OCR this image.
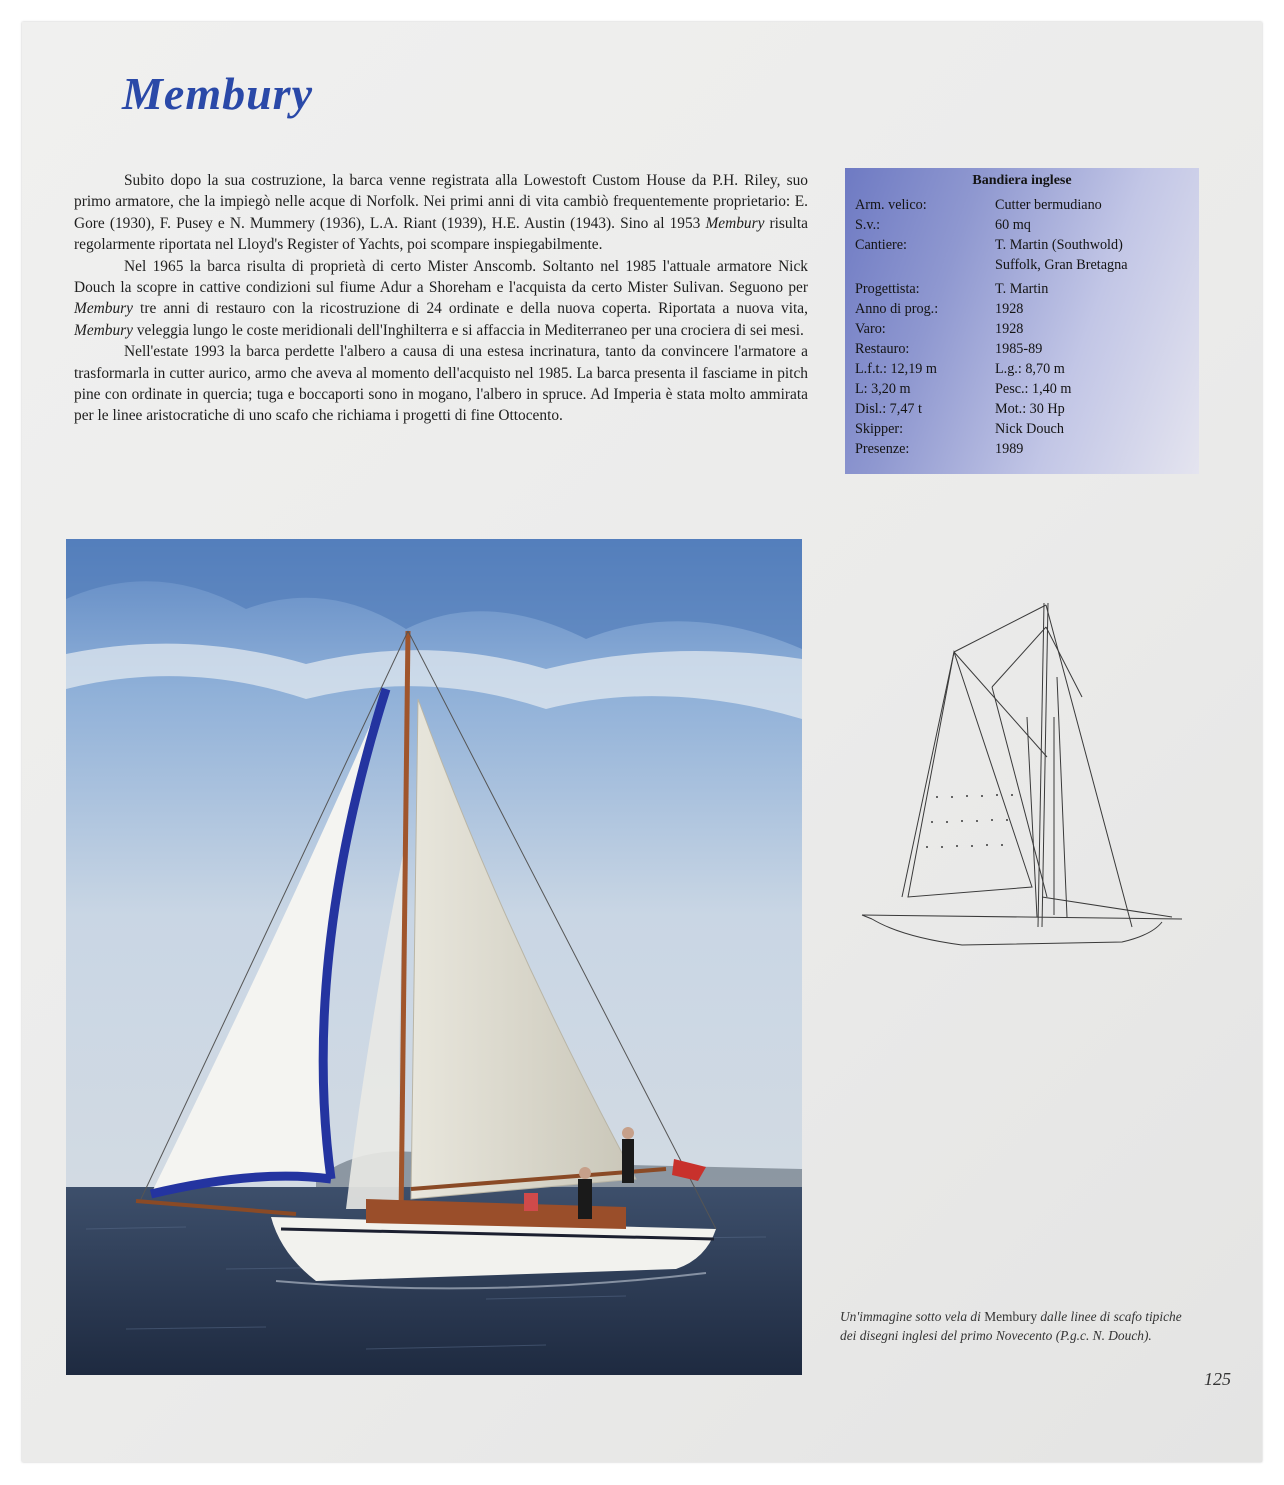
Membury

Subito dopo la sua costruzione, la barca venne registrata alla Lowestoft Custom House da P.H. Riley, suo primo armatore, che la impiegò nelle acque di Norfolk. Nei primi anni di vita cambiò frequentemente proprietario: E. Gore (1930), F. Pusey e N. Mummery (1936), L.A. Riant (1939), H.E. Austin (1943). Sino al 1953 Membury risulta regolarmente riportata nel Lloyd's Register of Yachts, poi scompare inspiegabilmente.

Nel 1965 la barca risulta di proprietà di certo Mister Anscomb. Soltanto nel 1985 l'attuale armatore Nick Douch la scopre in cattive condizioni sul fiume Adur a Shoreham e l'acquista da certo Mister Sulivan. Seguono per Membury tre anni di restauro con la ricostruzione di 24 ordinate e della nuova coperta. Riportata a nuova vita, Membury veleggia lungo le coste meridionali dell'Inghilterra e si affaccia in Mediterraneo per una crociera di sei mesi.

Nell'estate 1993 la barca perdette l'albero a causa di una estesa incrinatura, tanto da convincere l'armatore a trasformarla in cutter aurico, armo che aveva al momento dell'acquisto nel 1985. La barca presenta il fasciame in pitch pine con ordinate in quercia; tuga e boccaporti sono in mogano, l'albero in spruce. Ad Imperia è stata molto ammirata per le linee aristocratiche di uno scafo che richiama i progetti di fine Ottocento.

Bandiera inglese
Arm. velico:	Cutter bermudiano
S.v.:	60 mq
Cantiere:	T. Martin (Southwold)
Suffolk, Gran Bretagna
Progettista:	T. Martin
Anno di prog.:	1928
Varo:	1928
Restauro:	1985-89
L.f.t.: 12,19 m	L.g.: 8,70 m
L: 3,20 m	Pesc.: 1,40 m
Disl.: 7,47 t	Mot.: 30 Hp
Skipper:	Nick Douch
Presenze:	1989
Un'immagine sotto vela di Membury dalle linee di scafo tipiche dei disegni inglesi del primo Novecento (P.g.c. N. Douch).
125
